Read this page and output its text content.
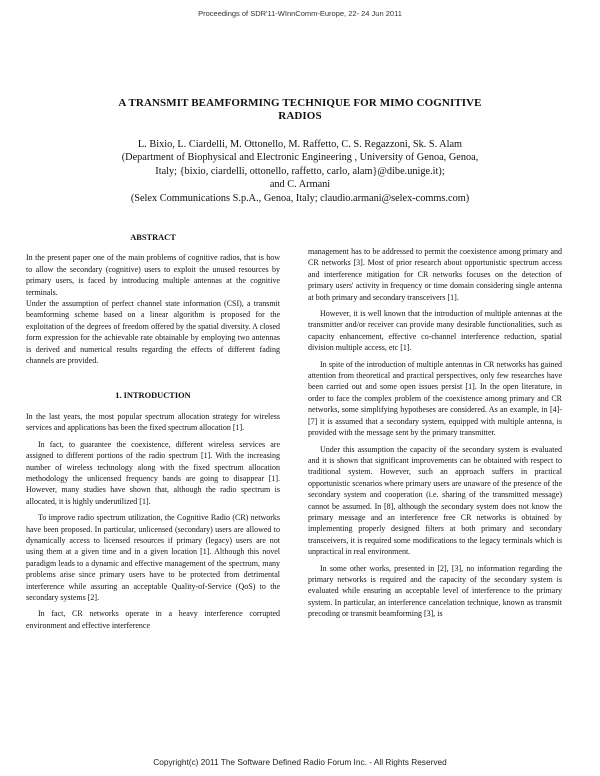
Proceedings of SDR'11-WInnComm-Europe, 22- 24 Jun 2011
A TRANSMIT BEAMFORMING TECHNIQUE FOR MIMO COGNITIVE
RADIOS
L. Bixio, L. Ciardelli, M. Ottonello, M. Raffetto, C. S. Regazzoni, Sk. S. Alam
(Department of Biophysical and Electronic Engineering , University of Genoa, Genoa,
Italy; {bixio, ciardelli, ottonello, raffetto, carlo, alam}@dibe.unige.it);
and C. Armani
(Selex Communications S.p.A., Genoa, Italy; claudio.armani@selex-comms.com)
ABSTRACT

In the present paper one of the main problems of cognitive radios, that is how to allow the secondary (cognitive) users to exploit the unused resources by primary users, is faced by introducing multiple antennas at the cognitive terminals.

Under the assumption of perfect channel state information (CSI), a transmit beamforming scheme based on a linear algorithm is proposed for the exploitation of the degrees of freedom offered by the spatial diversity. A closed form expression for the achievable rate obtainable by employing two antennas is derived and numerical results regarding the effects of different fading channels are provided.

1. INTRODUCTION

In the last years, the most popular spectrum allocation strategy for wireless services and applications has been the fixed spectrum allocation [1].

In fact, to guarantee the coexistence, different wireless services are assigned to different portions of the radio spectrum [1]. With the increasing number of wireless technology along with the fixed spectrum allocation methodology the unlicensed frequency bands are going to disappear [1]. However, many studies have shown that, although the radio spectrum is allocated, it is highly underutilized [1].

To improve radio spectrum utilization, the Cognitive Radio (CR) networks have been proposed. In particular, unlicensed (secondary) users are allowed to dynamically access to licensed resources if primary (legacy) users are not using them at a given time and in a given location [1]. Although this novel paradigm leads to a dynamic and effective management of the spectrum, many problems arise since primary users have to be protected from detrimental interference while assuring an acceptable Quality-of-Service (QoS) to the secondary systems [2].

In fact, CR networks operate in a heavy interference corrupted environment and effective interference

management has to be addressed to permit the coexistence among primary and CR networks [3]. Most of prior research about opportunistic spectrum access and interference mitigation for CR networks focuses on the detection of primary users' activity in frequency or time domain considering single antenna at both primary and secondary transceivers [1].

However, it is well known that the introduction of multiple antennas at the transmitter and/or receiver can provide many desirable functionalities, such as capacity enhancement, effective co-channel interference reduction, spatial division multiple access, etc [1].

In spite of the introduction of multiple antennas in CR networks has gained attention from theoretical and practical perspectives, only few researches have been carried out and some open issues persist [1]. In the open literature, in order to face the complex problem of the coexistence among primary and CR networks, some simplifying hypotheses are considered. As an example, in [4]-[7] it is assumed that a secondary system, equipped with multiple antenna, is provided with the message sent by the primary transmitter.

Under this assumption the capacity of the secondary system is evaluated and it is shown that significant improvements can be obtained with respect to traditional system. However, such an approach suffers in practical opportunistic scenarios where primary users are unaware of the presence of the secondary system and cooperation (i.e. sharing of the transmitted message) cannot be assumed. In [8], although the secondary system does not know the primary message and an interference free CR networks is obtained by implementing properly designed filters at both primary and secondary transceivers, it is required some modifications to the legacy terminals which is unpractical in real environment.

In some other works, presented in [2], [3], no information regarding the primary networks is required and the capacity of the secondary system is evaluated while ensuring an acceptable level of interference to the primary system. In particular, an interference cancelation technique, known as transmit precoding or transmit beamforming [3], is

Copyright(c) 2011 The Software Defined Radio Forum Inc. - All Rights Reserved
